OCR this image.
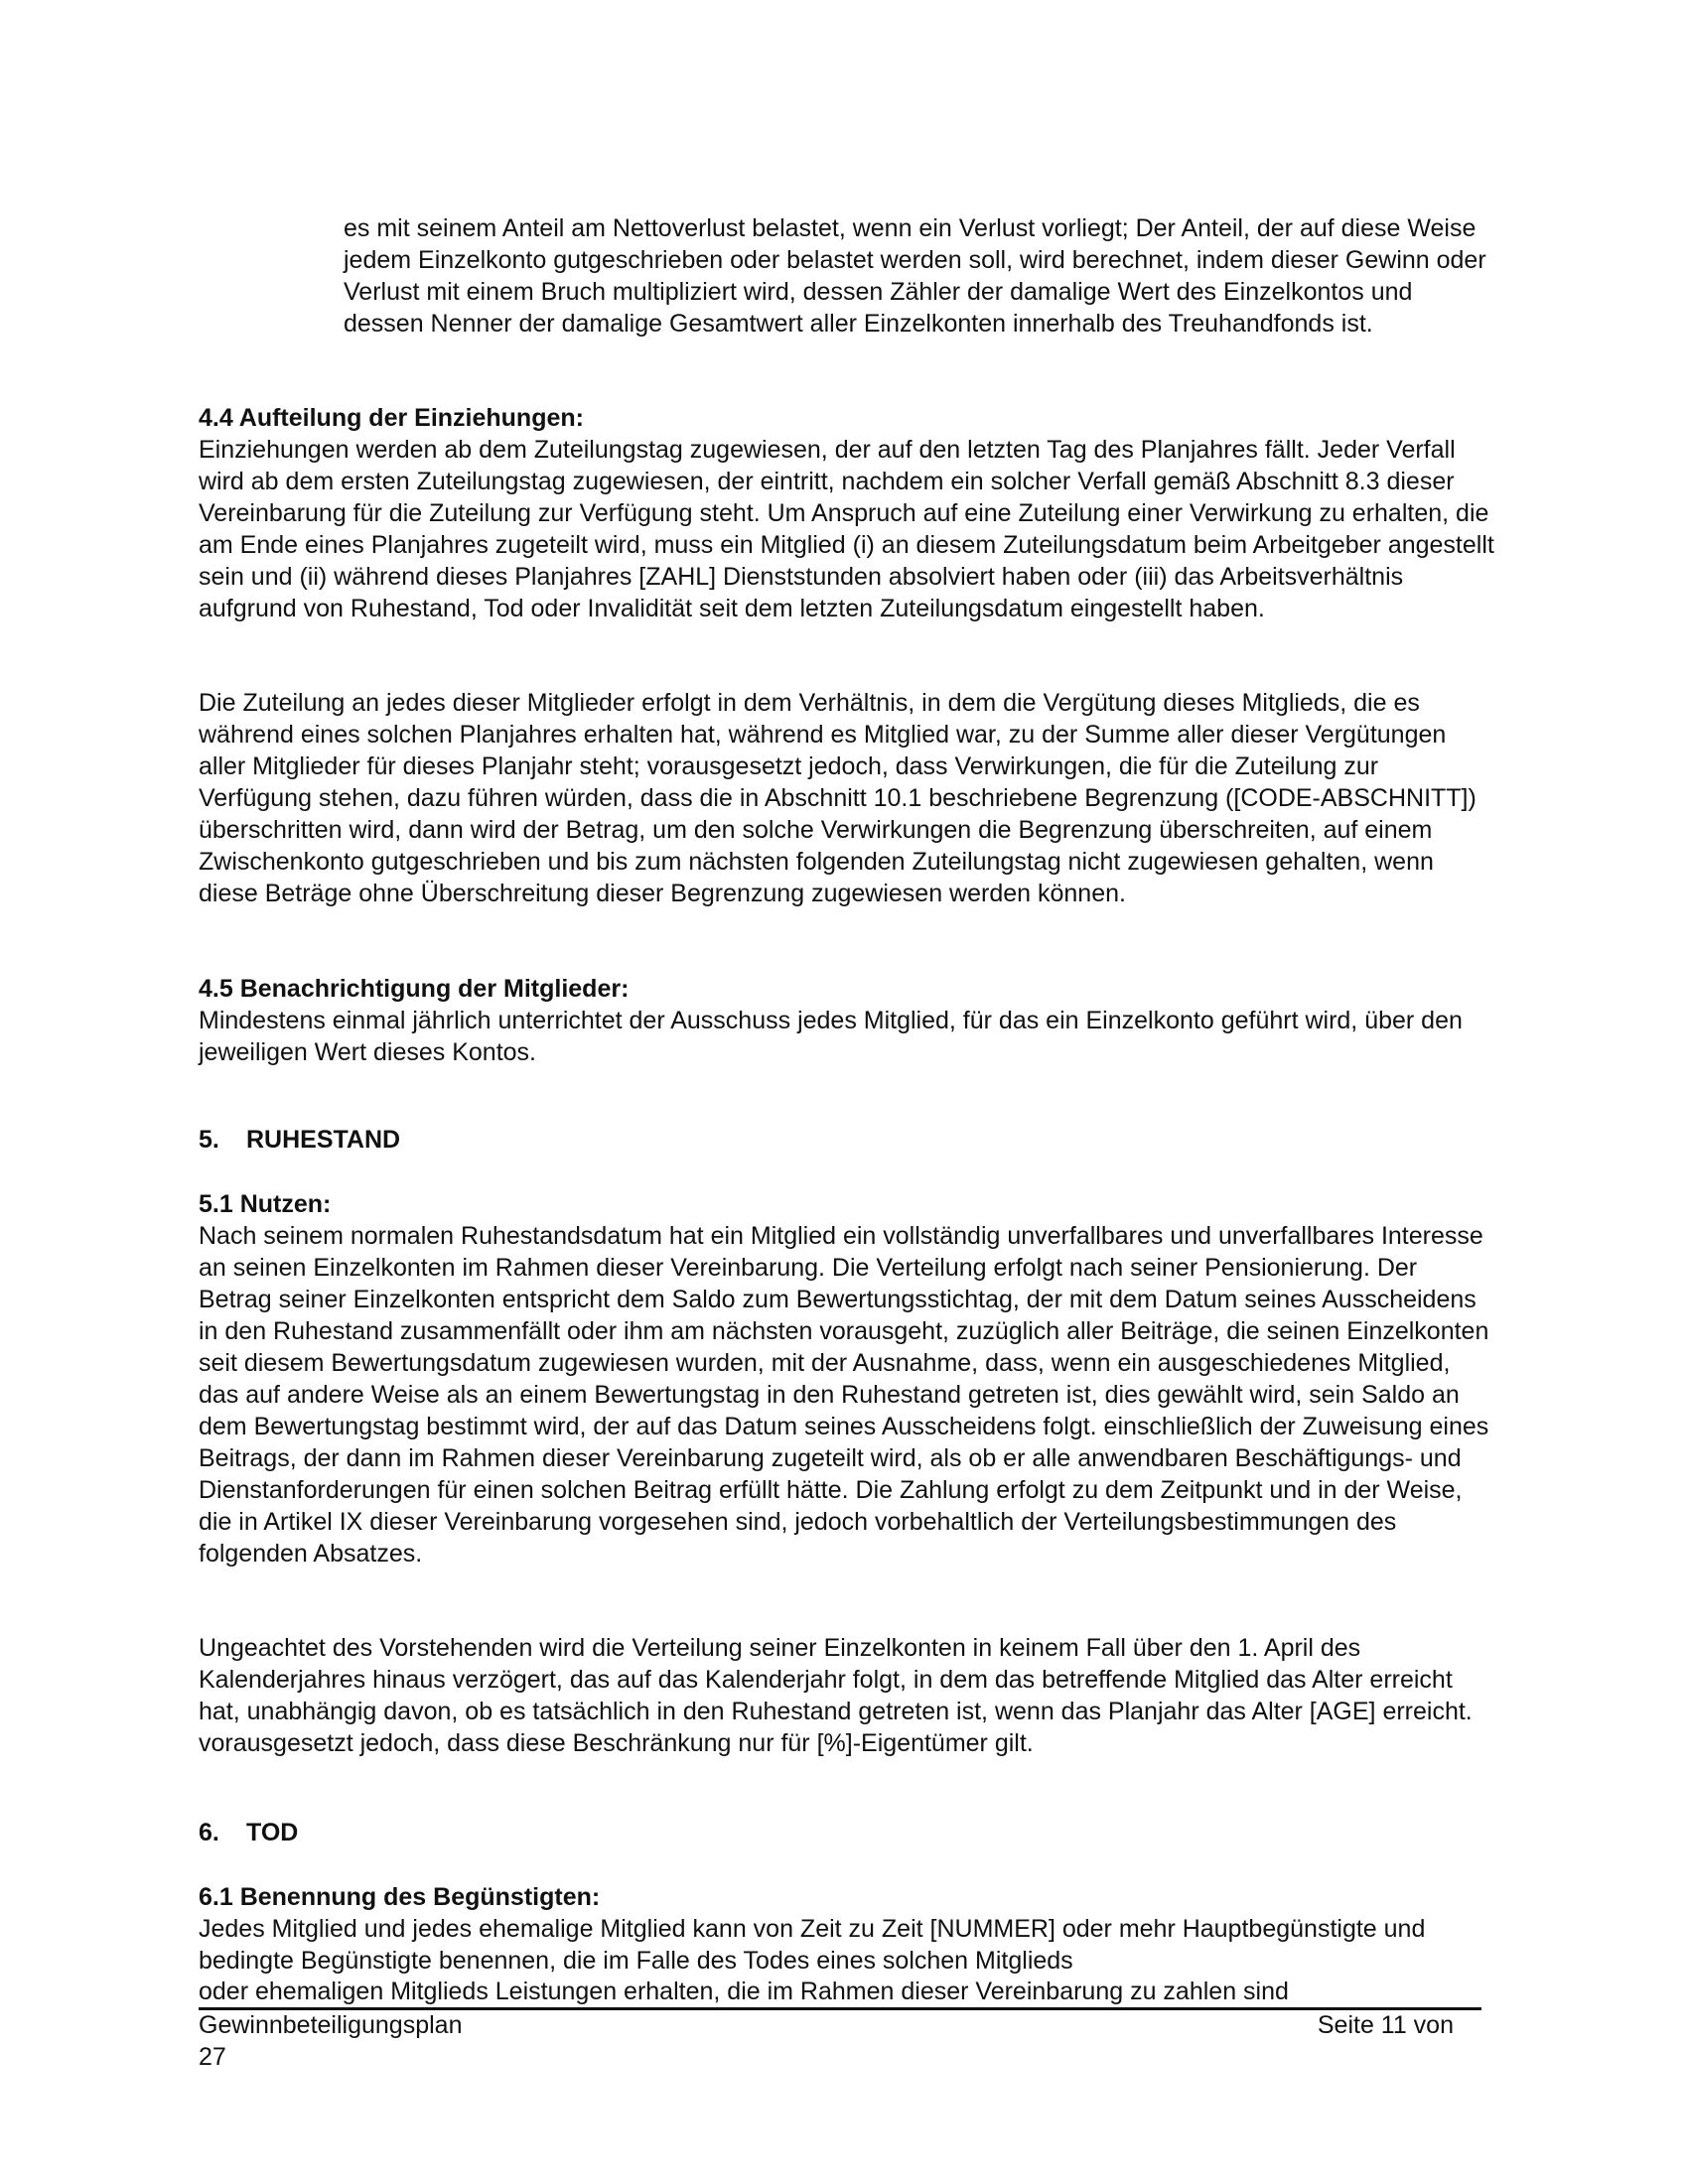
es mit seinem Anteil am Nettoverlust belastet, wenn ein Verlust vorliegt; Der Anteil, der auf diese Weise jedem Einzelkonto gutgeschrieben oder belastet werden soll, wird berechnet, indem dieser Gewinn oder Verlust mit einem Bruch multipliziert wird, dessen Zähler der damalige Wert des Einzelkontos und dessen Nenner der damalige Gesamtwert aller Einzelkonten innerhalb des Treuhandfonds ist.

4.4 Aufteilung der Einziehungen:
Einziehungen werden ab dem Zuteilungstag zugewiesen, der auf den letzten Tag des Planjahres fällt. Jeder Verfall wird ab dem ersten Zuteilungstag zugewiesen, der eintritt, nachdem ein solcher Verfall gemäß Abschnitt 8.3 dieser Vereinbarung für die Zuteilung zur Verfügung steht. Um Anspruch auf eine Zuteilung einer Verwirkung zu erhalten, die am Ende eines Planjahres zugeteilt wird, muss ein Mitglied (i) an diesem Zuteilungsdatum beim Arbeitgeber angestellt sein und (ii) während dieses Planjahres [ZAHL] Dienststunden absolviert haben oder (iii) das Arbeitsverhältnis aufgrund von Ruhestand, Tod oder Invalidität seit dem letzten Zuteilungsdatum eingestellt haben.

Die Zuteilung an jedes dieser Mitglieder erfolgt in dem Verhältnis, in dem die Vergütung dieses Mitglieds, die es während eines solchen Planjahres erhalten hat, während es Mitglied war, zu der Summe aller dieser Vergütungen aller Mitglieder für dieses Planjahr steht; vorausgesetzt jedoch, dass Verwirkungen, die für die Zuteilung zur Verfügung stehen, dazu führen würden, dass die in Abschnitt 10.1 beschriebene Begrenzung ([CODE-ABSCHNITT]) überschritten wird, dann wird der Betrag, um den solche Verwirkungen die Begrenzung überschreiten, auf einem Zwischenkonto gutgeschrieben und bis zum nächsten folgenden Zuteilungstag nicht zugewiesen gehalten, wenn diese Beträge ohne Überschreitung dieser Begrenzung zugewiesen werden können.

4.5 Benachrichtigung der Mitglieder:
Mindestens einmal jährlich unterrichtet der Ausschuss jedes Mitglied, für das ein Einzelkonto geführt wird, über den jeweiligen Wert dieses Kontos.

5. RUHESTAND

5.1 Nutzen:
Nach seinem normalen Ruhestandsdatum hat ein Mitglied ein vollständig unverfallbares und unverfallbares Interesse an seinen Einzelkonten im Rahmen dieser Vereinbarung. Die Verteilung erfolgt nach seiner Pensionierung. Der Betrag seiner Einzelkonten entspricht dem Saldo zum Bewertungsstichtag, der mit dem Datum seines Ausscheidens in den Ruhestand zusammenfällt oder ihm am nächsten vorausgeht, zuzüglich aller Beiträge, die seinen Einzelkonten seit diesem Bewertungsdatum zugewiesen wurden, mit der Ausnahme, dass, wenn ein ausgeschiedenes Mitglied, das auf andere Weise als an einem Bewertungstag in den Ruhestand getreten ist, dies gewählt wird, sein Saldo an dem Bewertungstag bestimmt wird, der auf das Datum seines Ausscheidens folgt. einschließlich der Zuweisung eines Beitrags, der dann im Rahmen dieser Vereinbarung zugeteilt wird, als ob er alle anwendbaren Beschäftigungs- und Dienstanforderungen für einen solchen Beitrag erfüllt hätte. Die Zahlung erfolgt zu dem Zeitpunkt und in der Weise, die in Artikel IX dieser Vereinbarung vorgesehen sind, jedoch vorbehaltlich der Verteilungsbestimmungen des folgenden Absatzes.

Ungeachtet des Vorstehenden wird die Verteilung seiner Einzelkonten in keinem Fall über den 1. April des Kalenderjahres hinaus verzögert, das auf das Kalenderjahr folgt, in dem das betreffende Mitglied das Alter erreicht hat, unabhängig davon, ob es tatsächlich in den Ruhestand getreten ist, wenn das Planjahr das Alter [AGE] erreicht. vorausgesetzt jedoch, dass diese Beschränkung nur für [%]-Eigentümer gilt.

6. TOD

6.1 Benennung des Begünstigten:
Jedes Mitglied und jedes ehemalige Mitglied kann von Zeit zu Zeit [NUMMER] oder mehr Hauptbegünstigte und bedingte Begünstigte benennen, die im Falle des Todes eines solchen Mitglieds
oder ehemaligen Mitglieds Leistungen erhalten, die im Rahmen dieser Vereinbarung zu zahlen sind
Gewinnbeteiligungsplan	Seite 11 von
27
